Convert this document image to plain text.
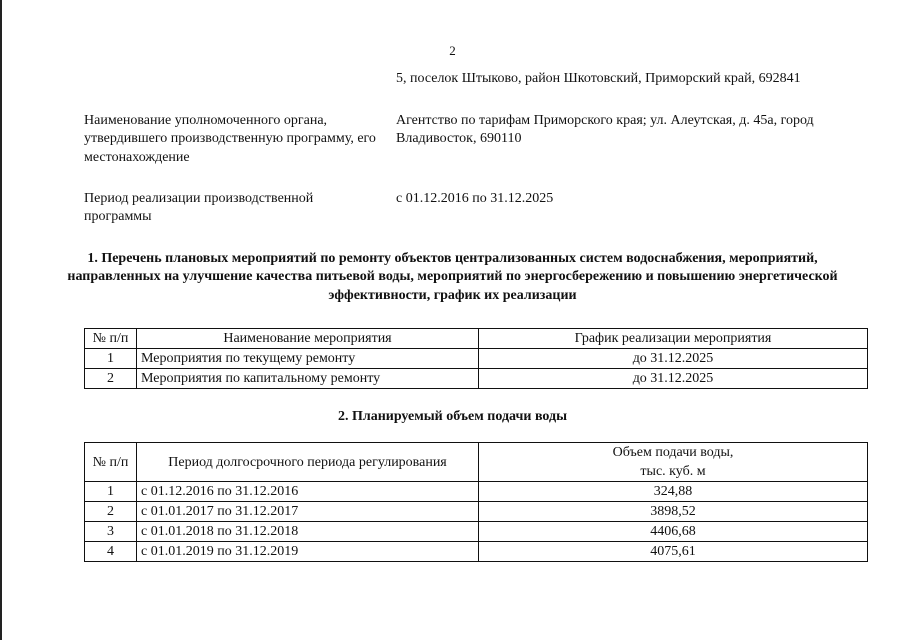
2
5, поселок Штыково, район Шкотовский, Приморский край, 692841
Наименование уполномоченного органа, утвердившего производственную программу, его местонахождение
Агентство по тарифам Приморского края; ул. Алеутская, д. 45а, город Владивосток, 690110
Период реализации производственной программы
с 01.12.2016 по 31.12.2025
1. Перечень плановых мероприятий по ремонту объектов централизованных систем водоснабжения, мероприятий, направленных на улучшение качества питьевой воды, мероприятий по энергосбережению и повышению энергетической эффективности, график их реализации
№ п/п	Наименование мероприятия	График реализации мероприятия
1	Мероприятия по текущему ремонту	до 31.12.2025
2	Мероприятия по капитальному ремонту	до 31.12.2025
2. Планируемый объем подачи воды
№ п/п	Период долгосрочного периода регулирования	Объем подачи воды,
тыс. куб. м

1	с 01.12.2016 по 31.12.2016	324,88
2	с 01.01.2017 по 31.12.2017	3898,52
3	с 01.01.2018 по 31.12.2018	4406,68
4	с 01.01.2019 по 31.12.2019	4075,61
